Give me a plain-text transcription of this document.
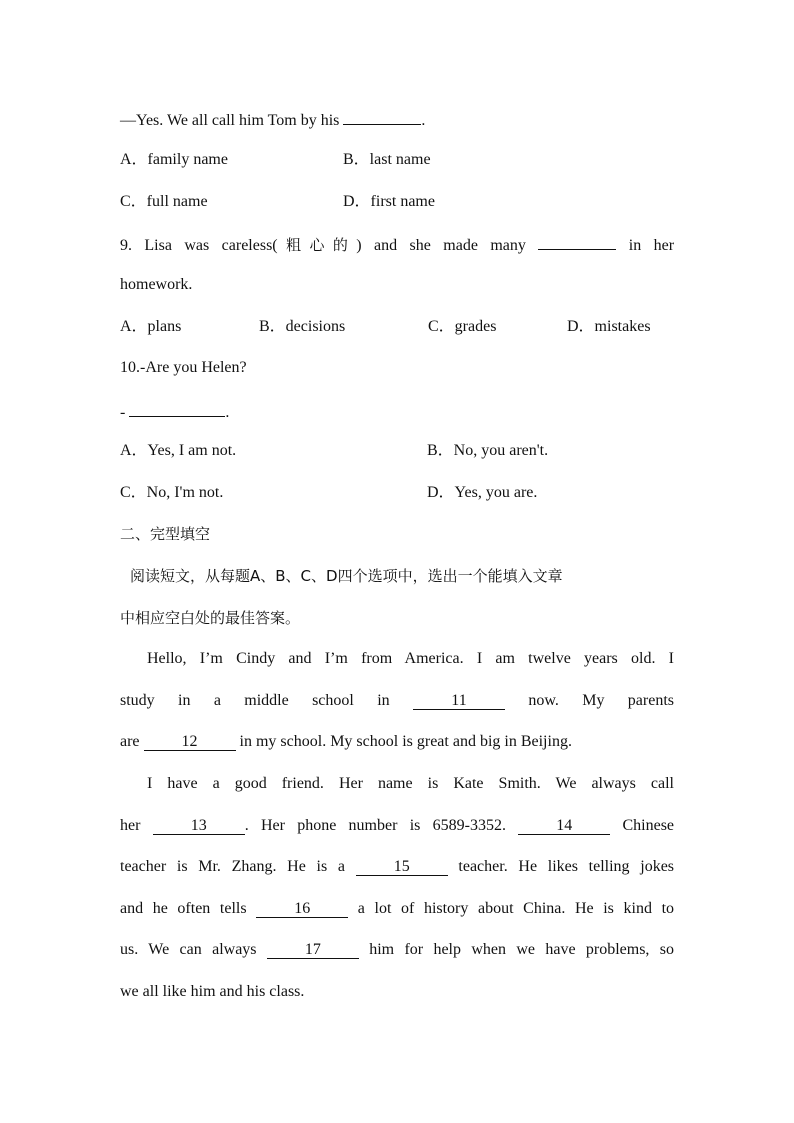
—Yes. We all call him Tom by his	.
A．family name	B．last name
C．full name	D．first name
9. Lisa was careless(粗心的) and she made many	in her
homework.
A．plans	B．decisions	C．grades	D．mistakes
10.-Are you Helen?
-	.
A．Yes, I am not.	B．No, you aren't.
C．No, I'm not.	D．Yes, you are.
二、完型填空
阅读短文，从每题A、B、C、D四个选项中，选出一个能填入文章
中相应空白处的最佳答案。
Hello, I’m Cindy and I’m from America. I am twelve years old. I
study in a middle school in	11	now. My parents
are	12	in my school. My school is great and big in Beijing.
I have a good friend. Her name is Kate Smith. We always call
her	13 . Her phone number is 6589-3352.	14	Chinese
teacher is Mr. Zhang. He is a	15	teacher. He likes telling jokes
and he often tells	16	a lot of history about China. He is kind to
us. We can always	17	him for help when we have problems, so
we all like him and his class.
